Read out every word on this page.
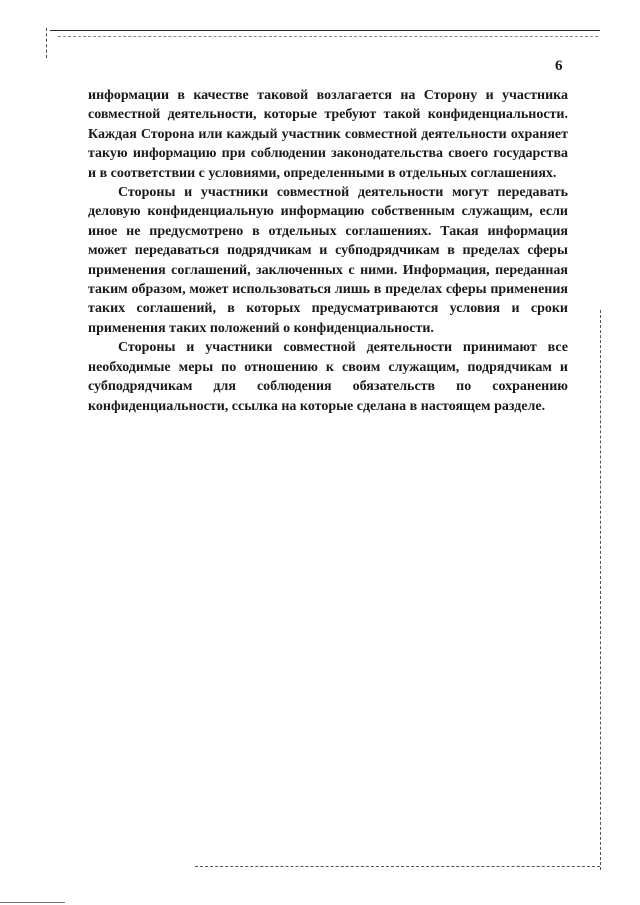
6

информации в качестве таковой возлагается на Сторону и участника совместной деятельности, которые требуют такой конфиденциальности. Каждая Сторона или каждый участник совместной деятельности охраняет такую информацию при соблюдении законодательства своего государства и в соответствии с условиями, определенными в отдельных соглашениях.

Стороны и участники совместной деятельности могут передавать деловую конфиденциальную информацию собственным служащим, если иное не предусмотрено в отдельных соглашениях. Такая информация может передаваться подрядчикам и субподрядчикам в пределах сферы применения соглашений, заключенных с ними. Информация, переданная таким образом, может использоваться лишь в пределах сферы применения таких соглашений, в которых предусматриваются условия и сроки применения таких положений о конфиденциальности.

Стороны и участники совместной деятельности принимают все необходимые меры по отношению к своим служащим, подрядчикам и субподрядчикам для соблюдения обязательств по сохранению конфиденциальности, ссылка на которые сделана в настоящем разделе.
